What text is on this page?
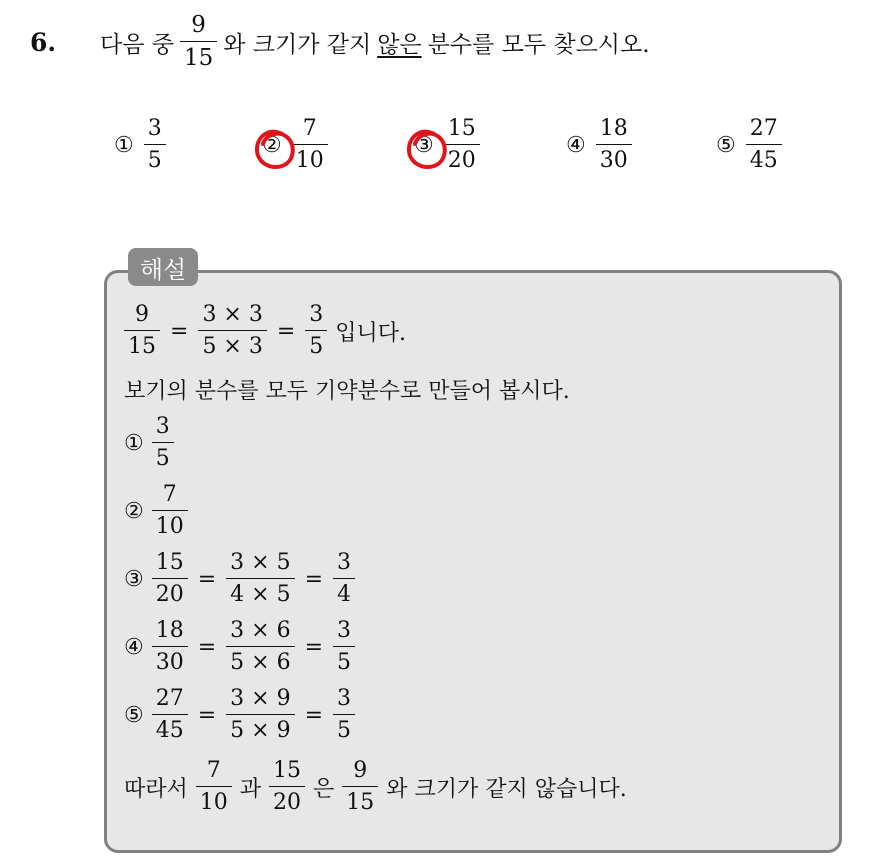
6. 다음 중 $\frac{9}{15}$ 와 크기가 같지 않은 분수를 모두 찾으시오.
① $\frac{3}{5}$	② $\frac{7}{10}$	③ $\frac{15}{20}$	④ $\frac{18}{30}$	⑤ $\frac{27}{45}$
해설
$\frac{9}{15} = \frac{3 \times 3}{5 \times 3} = \frac{3}{5}$ 입니다.
보기의 분수를 모두 기약분수로 만들어 봅시다.
① $\frac{3}{5}$
② $\frac{7}{10}$
③ $\frac{15}{20} = \frac{3 \times 5}{4 \times 5} = \frac{3}{4}$
④ $\frac{18}{30} = \frac{3 \times 6}{5 \times 6} = \frac{3}{5}$
⑤ $\frac{27}{45} = \frac{3 \times 9}{5 \times 9} = \frac{3}{5}$
따라서 $\frac{7}{10}$ 과 $\frac{15}{20}$ 은 $\frac{9}{15}$ 와 크기가 같지 않습니다.
